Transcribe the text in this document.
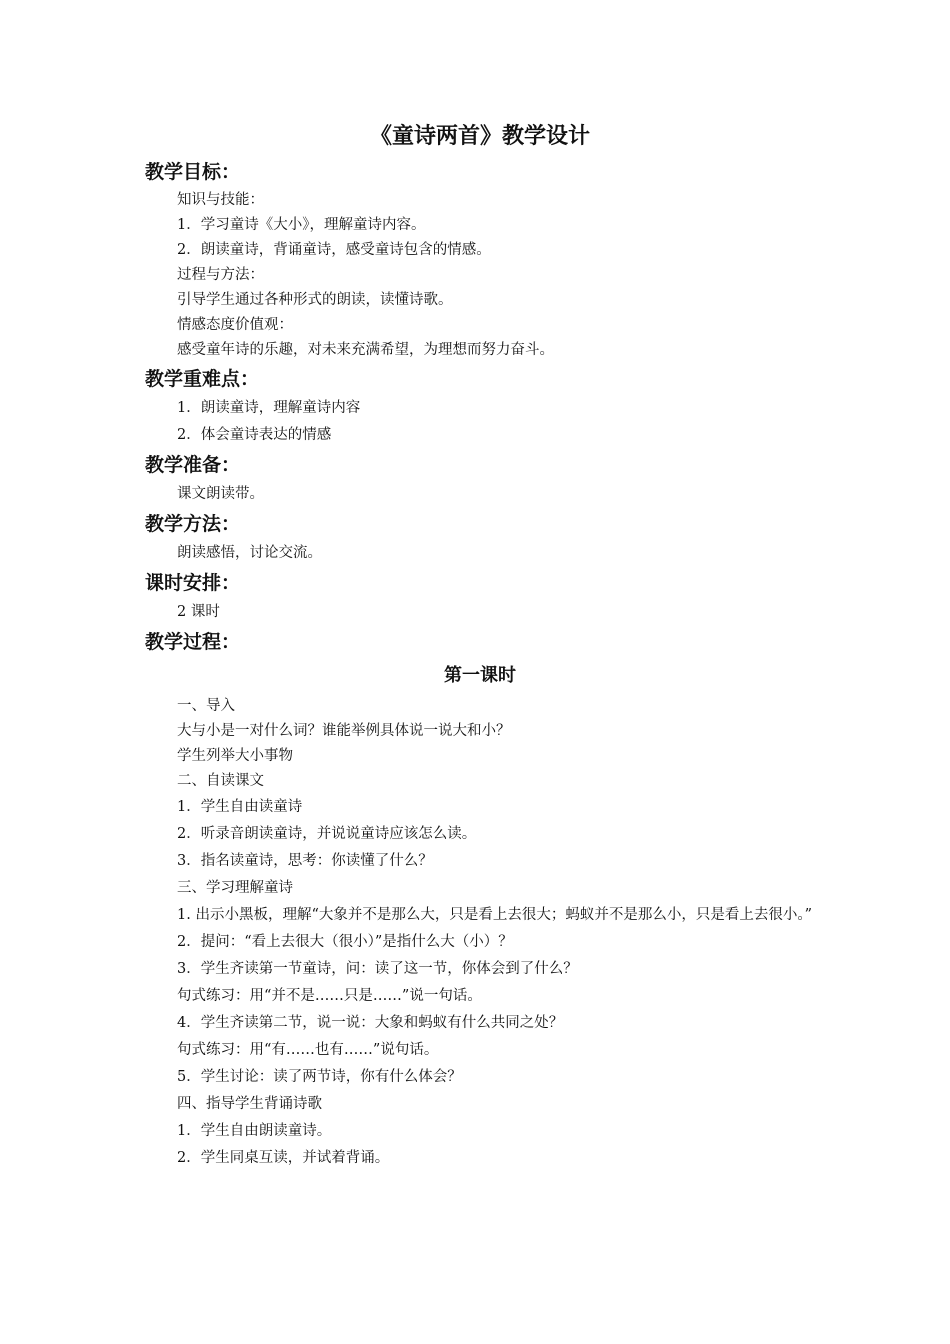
《童诗两首》教学设计
教学目标：

知识与技能：

1．学习童诗《大小》，理解童诗内容。

2．朗读童诗，背诵童诗，感受童诗包含的情感。

过程与方法：

引导学生通过各种形式的朗读，读懂诗歌。

情感态度价值观：

感受童年诗的乐趣，对未来充满希望，为理想而努力奋斗。

教学重难点：

1．朗读童诗，理解童诗内容

2．体会童诗表达的情感

教学准备：

课文朗读带。

教学方法：

朗读感悟，讨论交流。

课时安排：

2 课时

教学过程：
第一课时

一、导入

大与小是一对什么词？谁能举例具体说一说大和小？

学生列举大小事物

二、自读课文

1．学生自由读童诗

2．听录音朗读童诗，并说说童诗应该怎么读。

3．指名读童诗，思考：你读懂了什么？

三、学习理解童诗

1. 出示小黑板，理解“大象并不是那么大，只是看上去很大；蚂蚁并不是那么小，只是看上去很小。”

2．提问：“看上去很大（很小）”是指什么大（小）？

3．学生齐读第一节童诗，问：读了这一节，你体会到了什么？

句式练习：用“并不是……只是……”说一句话。

4．学生齐读第二节，说一说：大象和蚂蚁有什么共同之处？

句式练习：用“有……也有……”说句话。

5．学生讨论：读了两节诗，你有什么体会？

四、指导学生背诵诗歌

1．学生自由朗读童诗。

2．学生同桌互读，并试着背诵。
